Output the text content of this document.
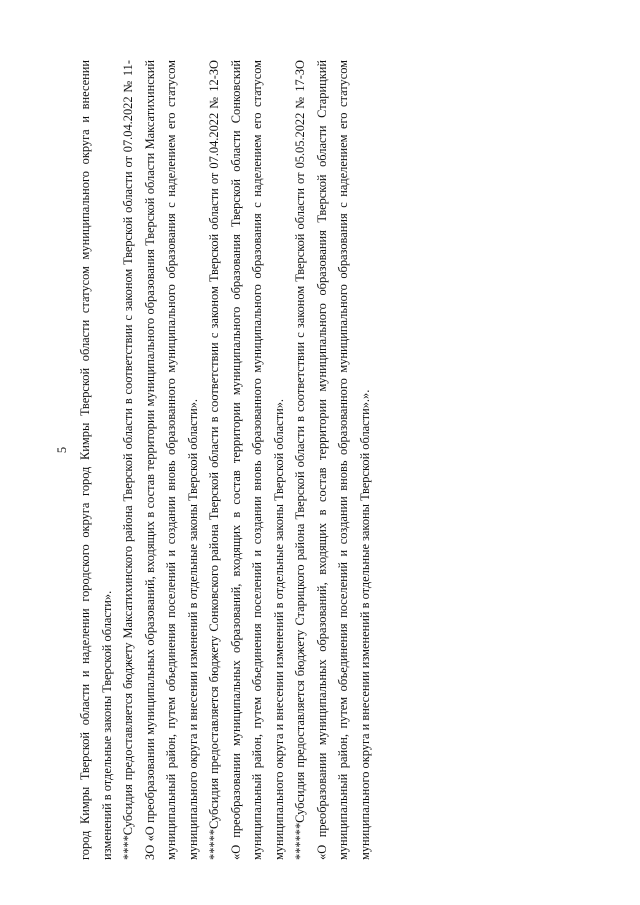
5 город Кимры Тверской области и наделении городского округа город Кимры Тверской области статусом муниципального округа и внесении изменений в отдельные законы Тверской области». ****Субсидия предоставляется бюджету Максатихинского района Тверской области в соответствии с законом Тверской области от 07.04.2022 № 11-ЗО «О преобразовании муниципальных образований, входящих в состав территории муниципального образования Тверской области Максатихинский муниципальный район, путем объединения поселений и создании вновь образованного муниципального образования с наделением его статусом муниципального округа и внесении изменений в отдельные законы Тверской области». *****Субсидия предоставляется бюджету Сонковского района Тверской области в соответствии с законом Тверской области от 07.04.2022 № 12-ЗО «О преобразовании муниципальных образований, входящих в состав территории муниципального образования Тверской области Сонковский муниципальный район, путем объединения поселений и создании вновь образованного муниципального образования с наделением его статусом муниципального округа и внесении изменений в отдельные законы Тверской области». ******Субсидия предоставляется бюджету Старицкого района Тверской области в соответствии с законом Тверской области от 05.05.2022 № 17-ЗО «О преобразовании муниципальных образований, входящих в состав территории муниципального образования Тверской области Старицкий муниципальный район, путем объединения поселений и создании вновь образованного муниципального образования с наделением его статусом муниципального округа и внесении изменений в отдельные законы Тверской области».».
